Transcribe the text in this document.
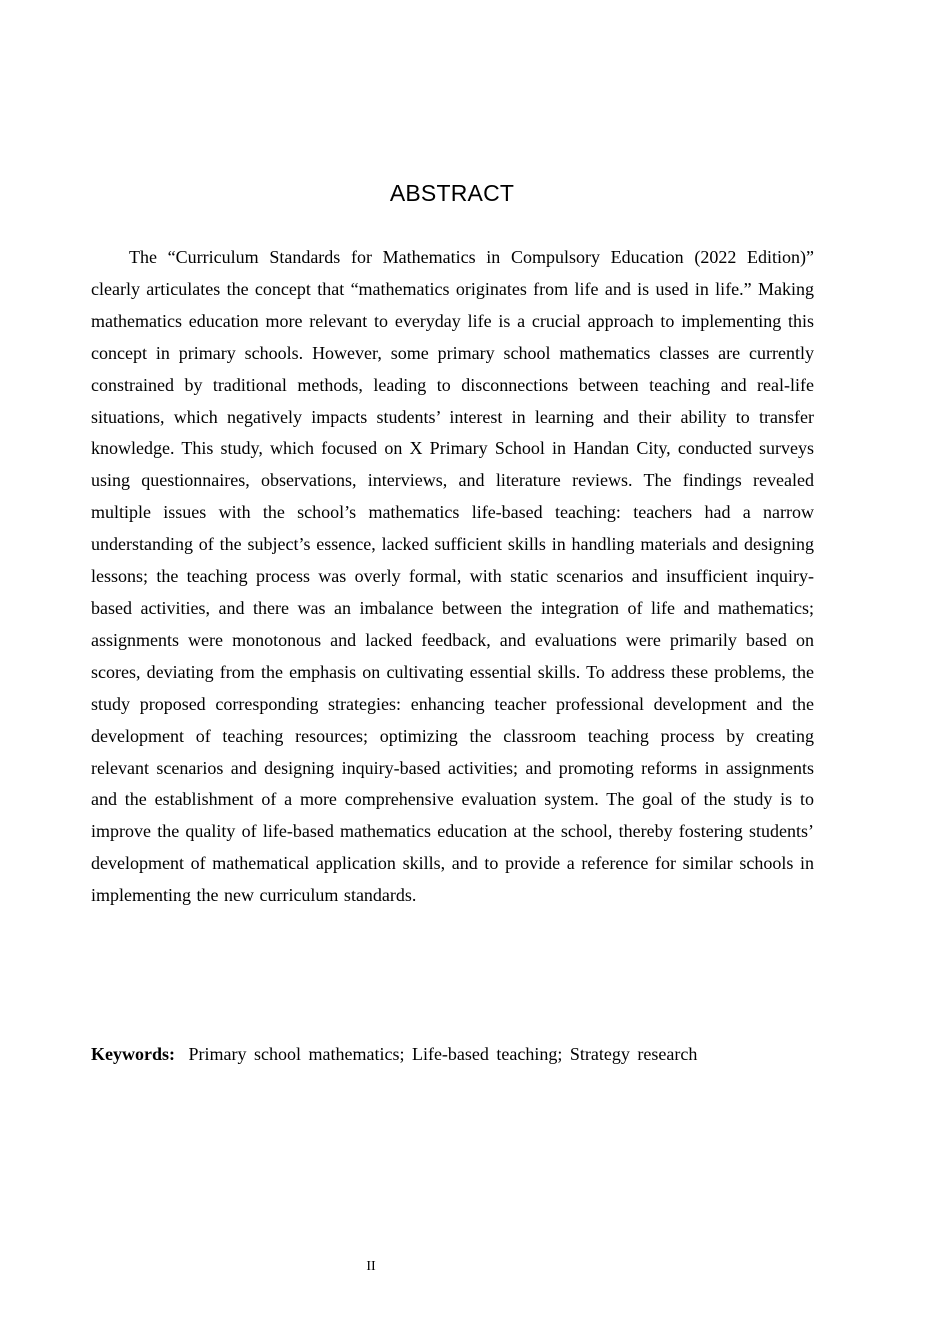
ABSTRACT

The “Curriculum Standards for Mathematics in Compulsory Education (2022 Edition)” clearly articulates the concept that “mathematics originates from life and is used in life.” Making mathematics education more relevant to everyday life is a crucial approach to implementing this concept in primary schools. However, some primary school mathematics classes are currently constrained by traditional methods, leading to disconnections between teaching and real-life situations, which negatively impacts students’ interest in learning and their ability to transfer knowledge. This study, which focused on X Primary School in Handan City, conducted surveys using questionnaires, observations, interviews, and literature reviews. The findings revealed multiple issues with the school’s mathematics life-based teaching: teachers had a narrow understanding of the subject’s essence, lacked sufficient skills in handling materials and designing lessons; the teaching process was overly formal, with static scenarios and insufficient inquiry-based activities, and there was an imbalance between the integration of life and mathematics; assignments were monotonous and lacked feedback, and evaluations were primarily based on scores, deviating from the emphasis on cultivating essential skills. To address these problems, the study proposed corresponding strategies: enhancing teacher professional development and the development of teaching resources; optimizing the classroom teaching process by creating relevant scenarios and designing inquiry-based activities; and promoting reforms in assignments and the establishment of a more comprehensive evaluation system. The goal of the study is to improve the quality of life-based mathematics education at the school, thereby fostering students’ development of mathematical application skills, and to provide a reference for similar schools in implementing the new curriculum standards.

Keywords: Primary school mathematics; Life-based teaching; Strategy research

II
